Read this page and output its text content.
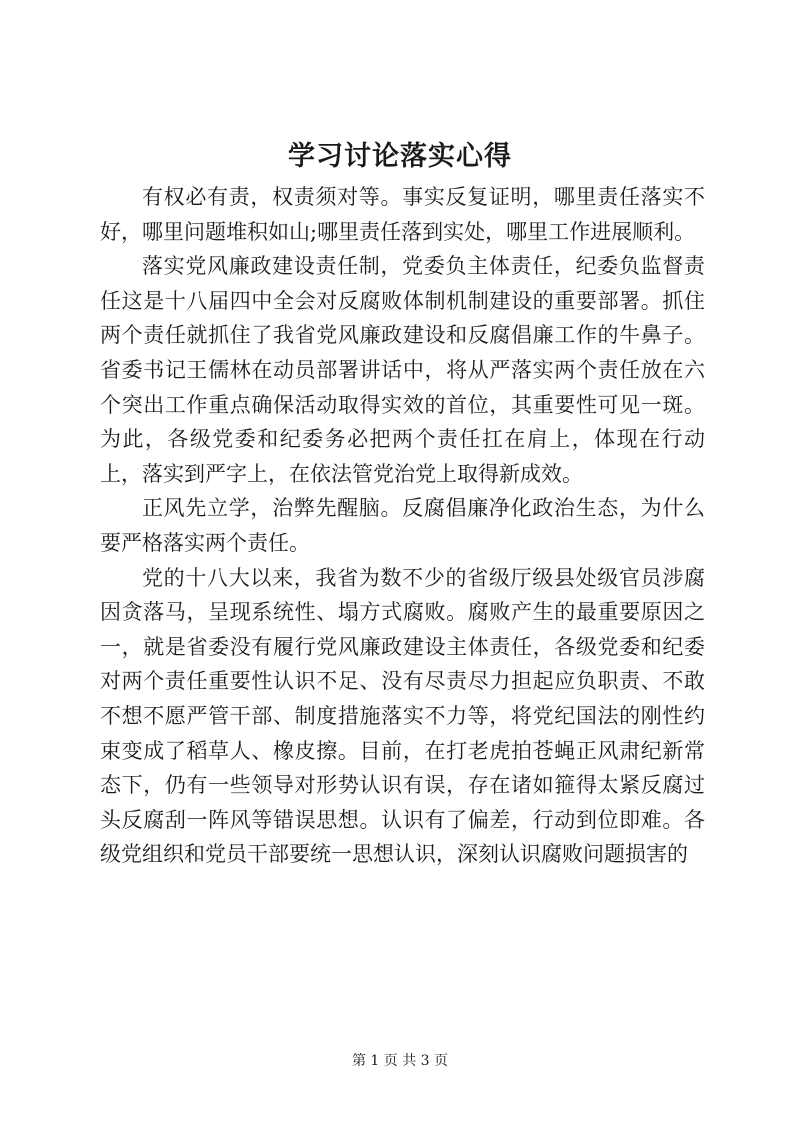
学习讨论落实心得

有权必有责，权责须对等。事实反复证明，哪里责任落实不好，哪里问题堆积如山;哪里责任落到实处，哪里工作进展顺利。

落实党风廉政建设责任制，党委负主体责任，纪委负监督责任这是十八届四中全会对反腐败体制机制建设的重要部署。抓住两个责任就抓住了我省党风廉政建设和反腐倡廉工作的牛鼻子。省委书记王儒林在动员部署讲话中，将从严落实两个责任放在六个突出工作重点确保活动取得实效的首位，其重要性可见一斑。为此，各级党委和纪委务必把两个责任扛在肩上，体现在行动上，落实到严字上，在依法管党治党上取得新成效。

正风先立学，治弊先醒脑。反腐倡廉净化政治生态，为什么要严格落实两个责任。

党的十八大以来，我省为数不少的省级厅级县处级官员涉腐因贪落马，呈现系统性、塌方式腐败。腐败产生的最重要原因之一，就是省委没有履行党风廉政建设主体责任，各级党委和纪委对两个责任重要性认识不足、没有尽责尽力担起应负职责、不敢不想不愿严管干部、制度措施落实不力等，将党纪国法的刚性约束变成了稻草人、橡皮擦。目前，在打老虎拍苍蝇正风肃纪新常态下，仍有一些领导对形势认识有误，存在诸如箍得太紧反腐过头反腐刮一阵风等错误思想。认识有了偏差，行动到位即难。各级党组织和党员干部要统一思想认识，深刻认识腐败问题损害的

第 1 页 共 3 页
